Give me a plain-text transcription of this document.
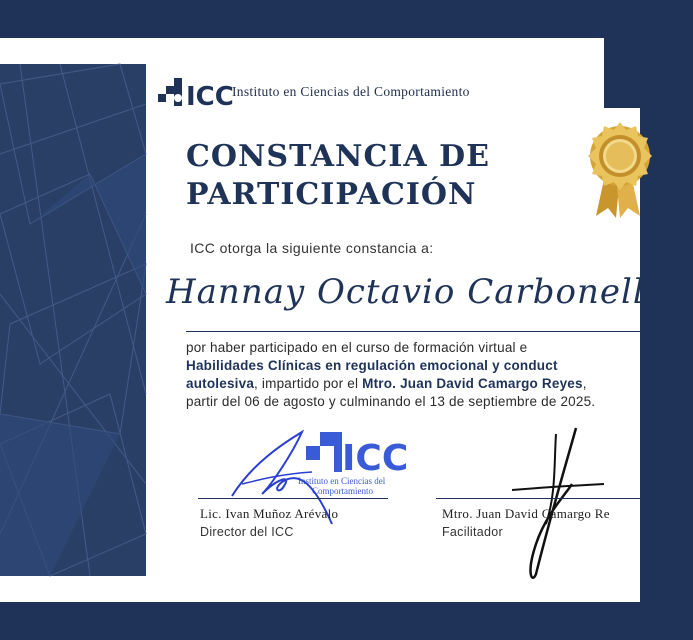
ICC
Instituto en Ciencias del Comportamiento
CONSTANCIA DE
PARTICIPACIÓN
ICC otorga la siguiente constancia a:
Hannay Octavio Carbonell Zi
por haber participado en el curso de formación virtual e
Habilidades Clínicas en regulación emocional y conduct
autolesiva, impartido por el Mtro. Juan David Camargo Reyes,
partir del 06 de agosto y culminando el 13 de septiembre de 2025.
ICC
Instituto en Ciencias del
Comportamiento
Lic. Ivan Muñoz Arévalo
Director del ICC
Mtro. Juan David Camargo Re
Facilitador
